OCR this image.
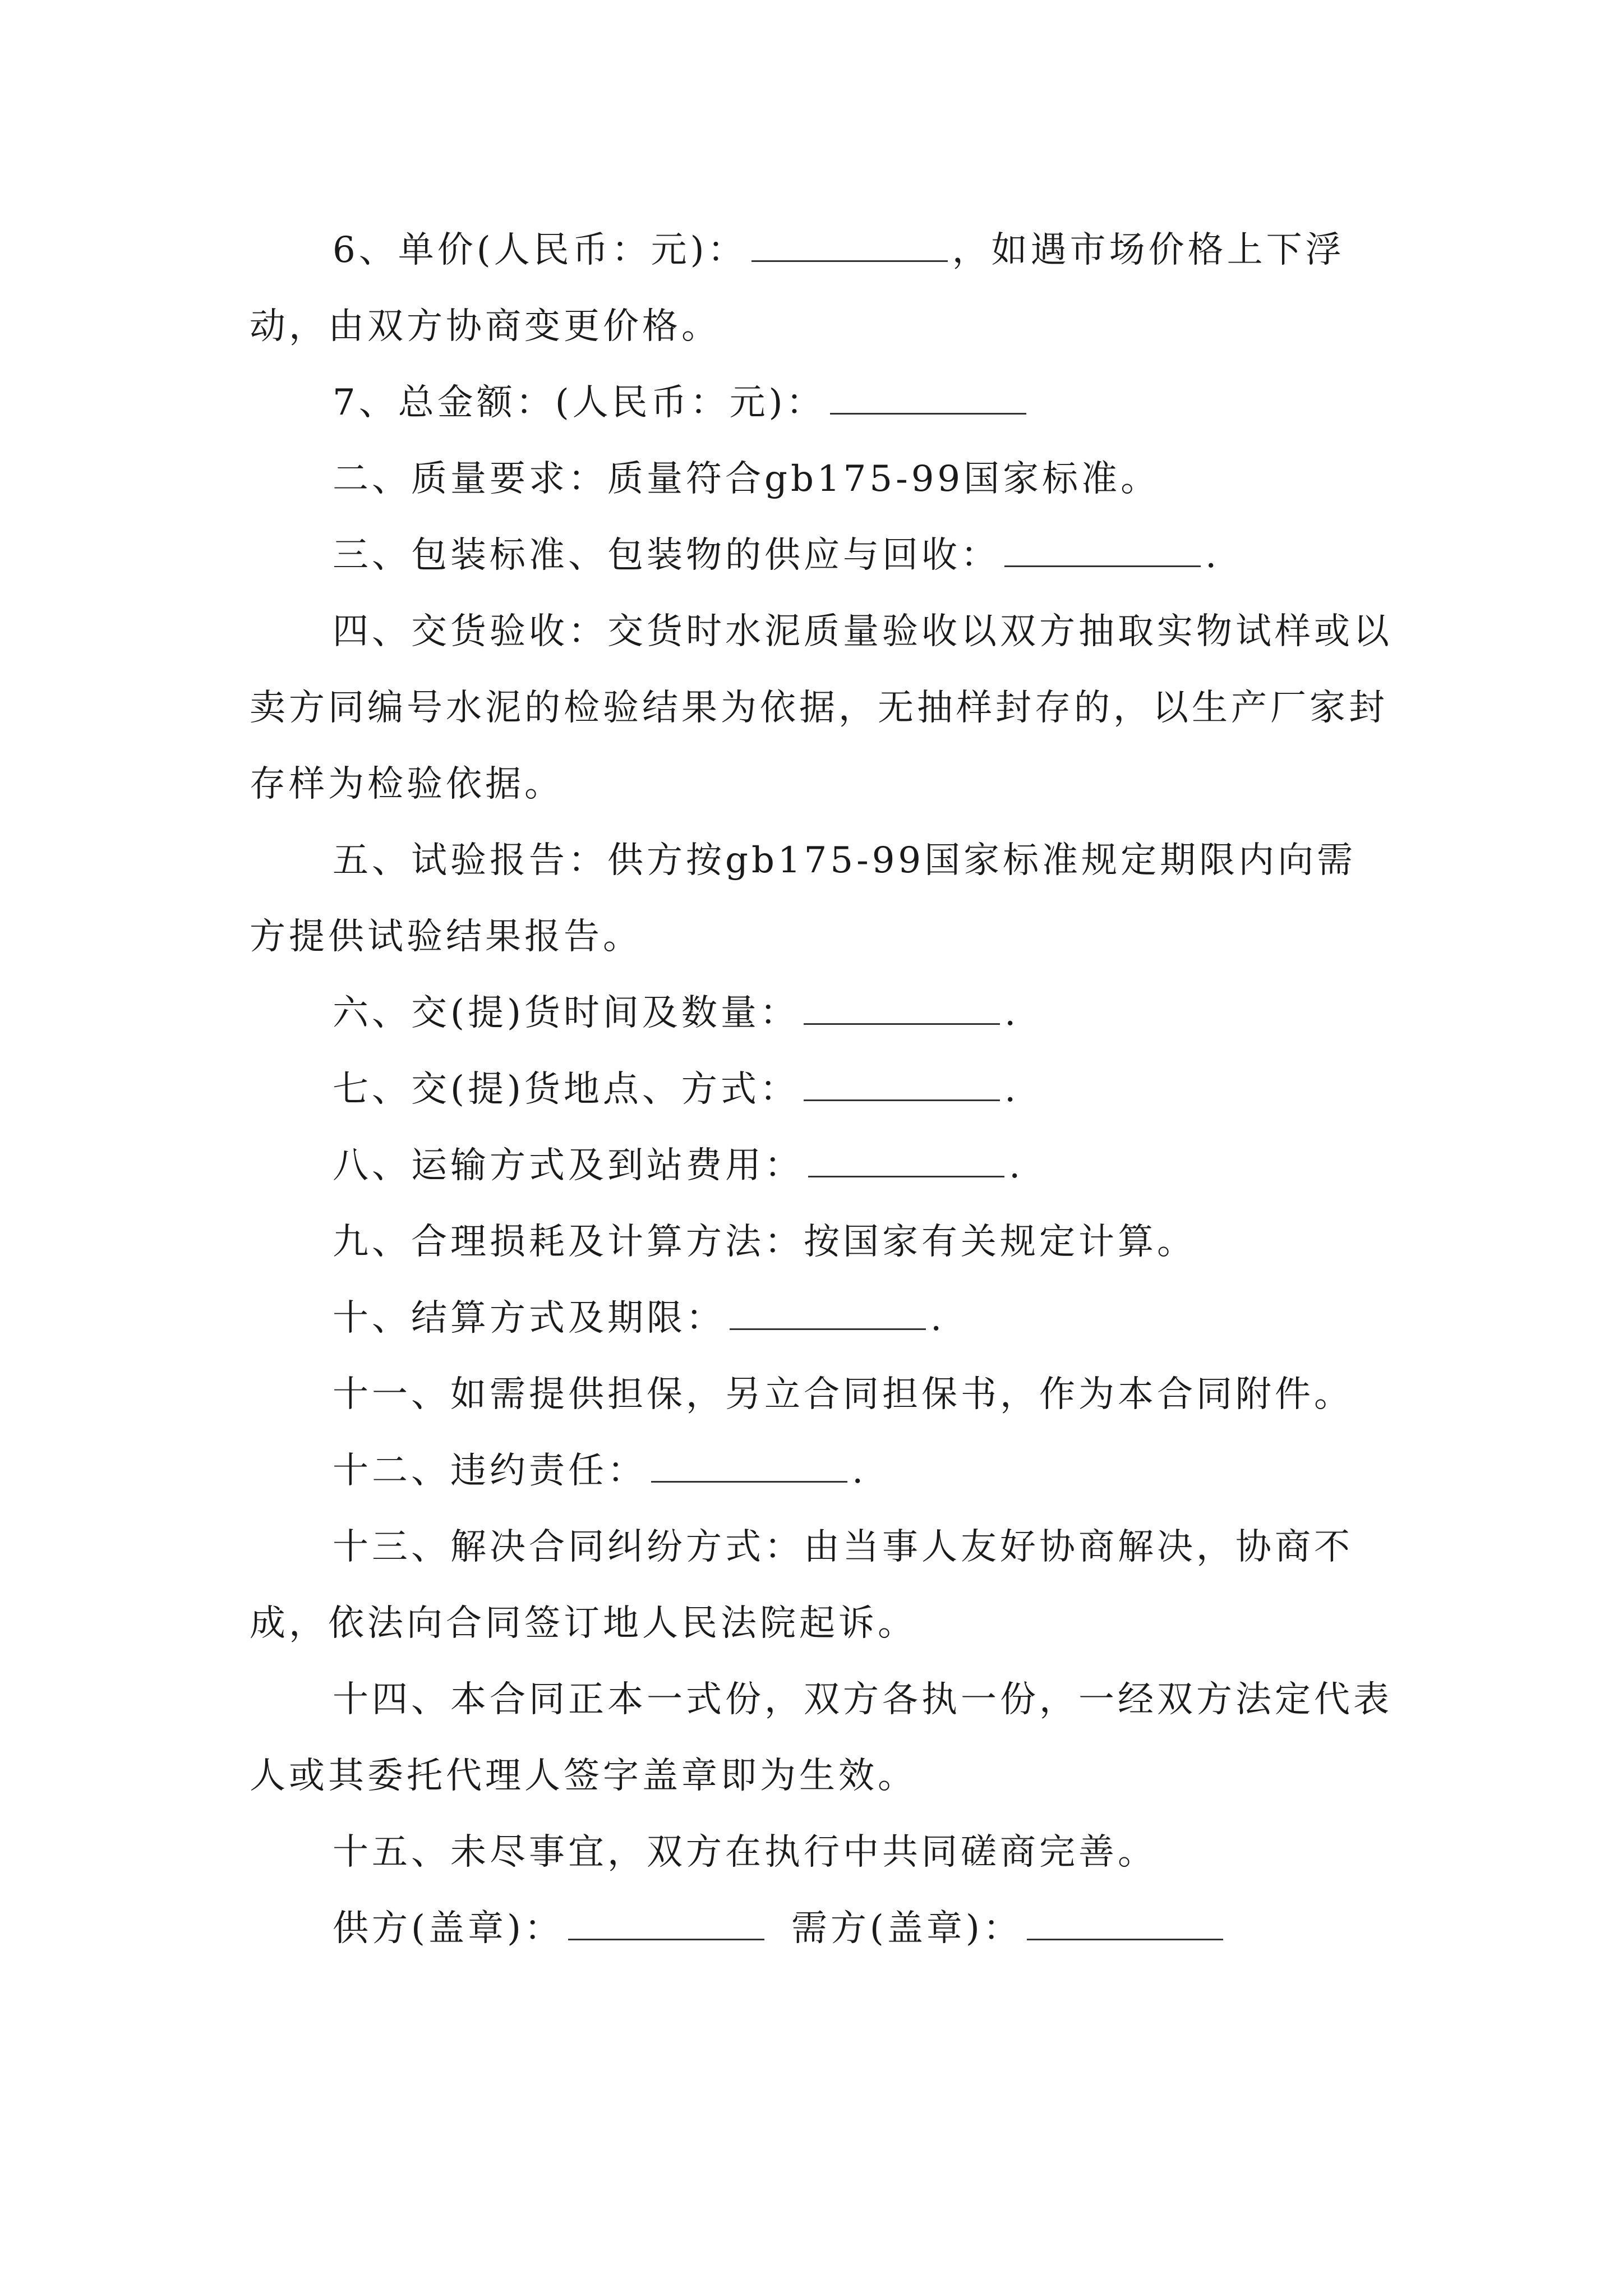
6、单价(人民币：元)：	，如遇市场价格上下浮动，由双方协商变更价格。

7、总金额：(人民币：元)：

二、质量要求：质量符合gb175-99国家标准。

三、包装标准、包装物的供应与回收：	.

四、交货验收：交货时水泥质量验收以双方抽取实物试样或以卖方同编号水泥的检验结果为依据，无抽样封存的，以生产厂家封存样为检验依据。

五、试验报告：供方按gb175-99国家标准规定期限内向需方提供试验结果报告。

六、交(提)货时间及数量：	.

七、交(提)货地点、方式：	.

八、运输方式及到站费用：	.

九、合理损耗及计算方法：按国家有关规定计算。

十、结算方式及期限：	.

十一、如需提供担保，另立合同担保书，作为本合同附件。

十二、违约责任：	.

十三、解决合同纠纷方式：由当事人友好协商解决，协商不成，依法向合同签订地人民法院起诉。

十四、本合同正本一式份，双方各执一份，一经双方法定代表人或其委托代理人签字盖章即为生效。

十五、未尽事宜，双方在执行中共同磋商完善。

供方(盖章)：	需方(盖章)：
